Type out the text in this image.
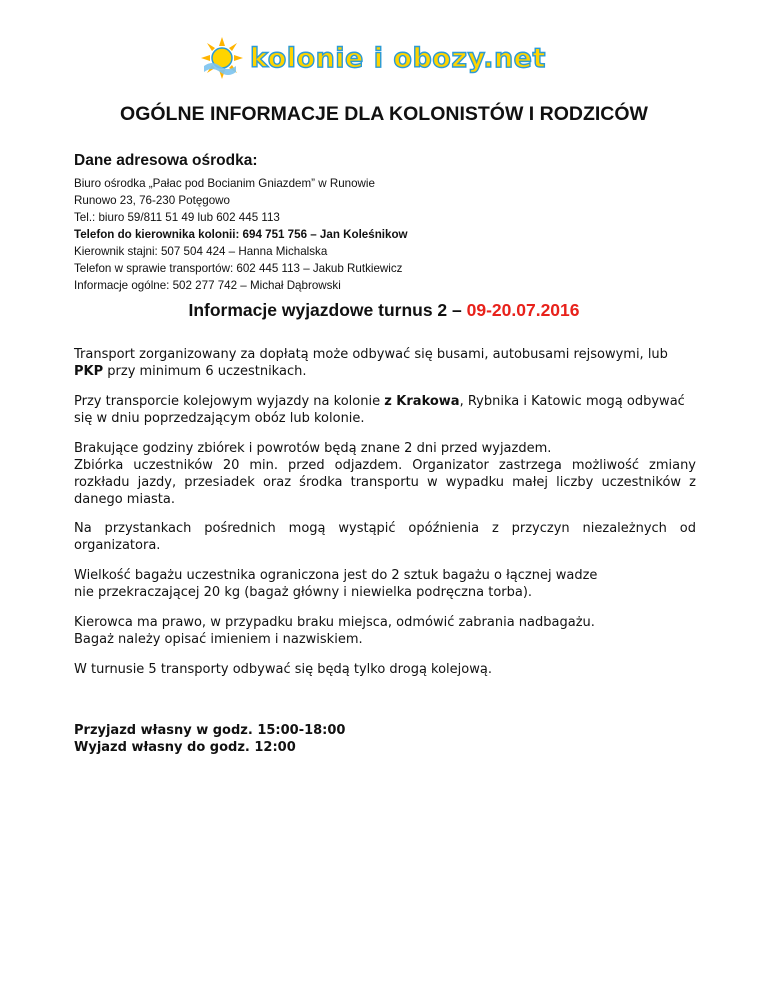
kolonie i obozy.net
OGÓLNE INFORMACJE DLA KOLONISTÓW I RODZICÓW
Dane adresowa ośrodka:
Biuro ośrodka „Pałac pod Bocianim Gniazdem” w Runowie
Runowo 23, 76-230 Potęgowo
Tel.: biuro 59/811 51 49 lub 602 445 113
Telefon do kierownika kolonii: 694 751 756 – Jan Koleśnikow
Kierownik stajni: 507 504 424 – Hanna Michalska
Telefon w sprawie transportów: 602 445 113 – Jakub Rutkiewicz
Informacje ogólne: 502 277 742 – Michał Dąbrowski
Informacje wyjazdowe turnus 2 – 09-20.07.2016

Transport zorganizowany za dopłatą może odbywać się busami, autobusami rejsowymi, lub PKP przy minimum 6 uczestnikach.

Przy transporcie kolejowym wyjazdy na kolonie z Krakowa, Rybnika i Katowic mogą odbywać się w dniu poprzedzającym obóz lub kolonie.

Brakujące godziny zbiórek i powrotów będą znane 2 dni przed wyjazdem.

Zbiórka uczestników 20 min. przed odjazdem. Organizator zastrzega możliwość zmiany rozkładu jazdy, przesiadek oraz środka transportu w wypadku małej liczby uczestników z danego miasta.

Na przystankach pośrednich mogą wystąpić opóźnienia z przyczyn niezależnych od organizatora.

Wielkość bagażu uczestnika ograniczona jest do 2 sztuk bagażu o łącznej wadze

nie przekraczającej 20 kg (bagaż główny i niewielka podręczna torba).

Kierowca ma prawo, w przypadku braku miejsca, odmówić zabrania nadbagażu.

Bagaż należy opisać imieniem i nazwiskiem.

W turnusie 5 transporty odbywać się będą tylko drogą kolejową.

Przyjazd własny w godz. 15:00-18:00

Wyjazd własny do godz. 12:00
